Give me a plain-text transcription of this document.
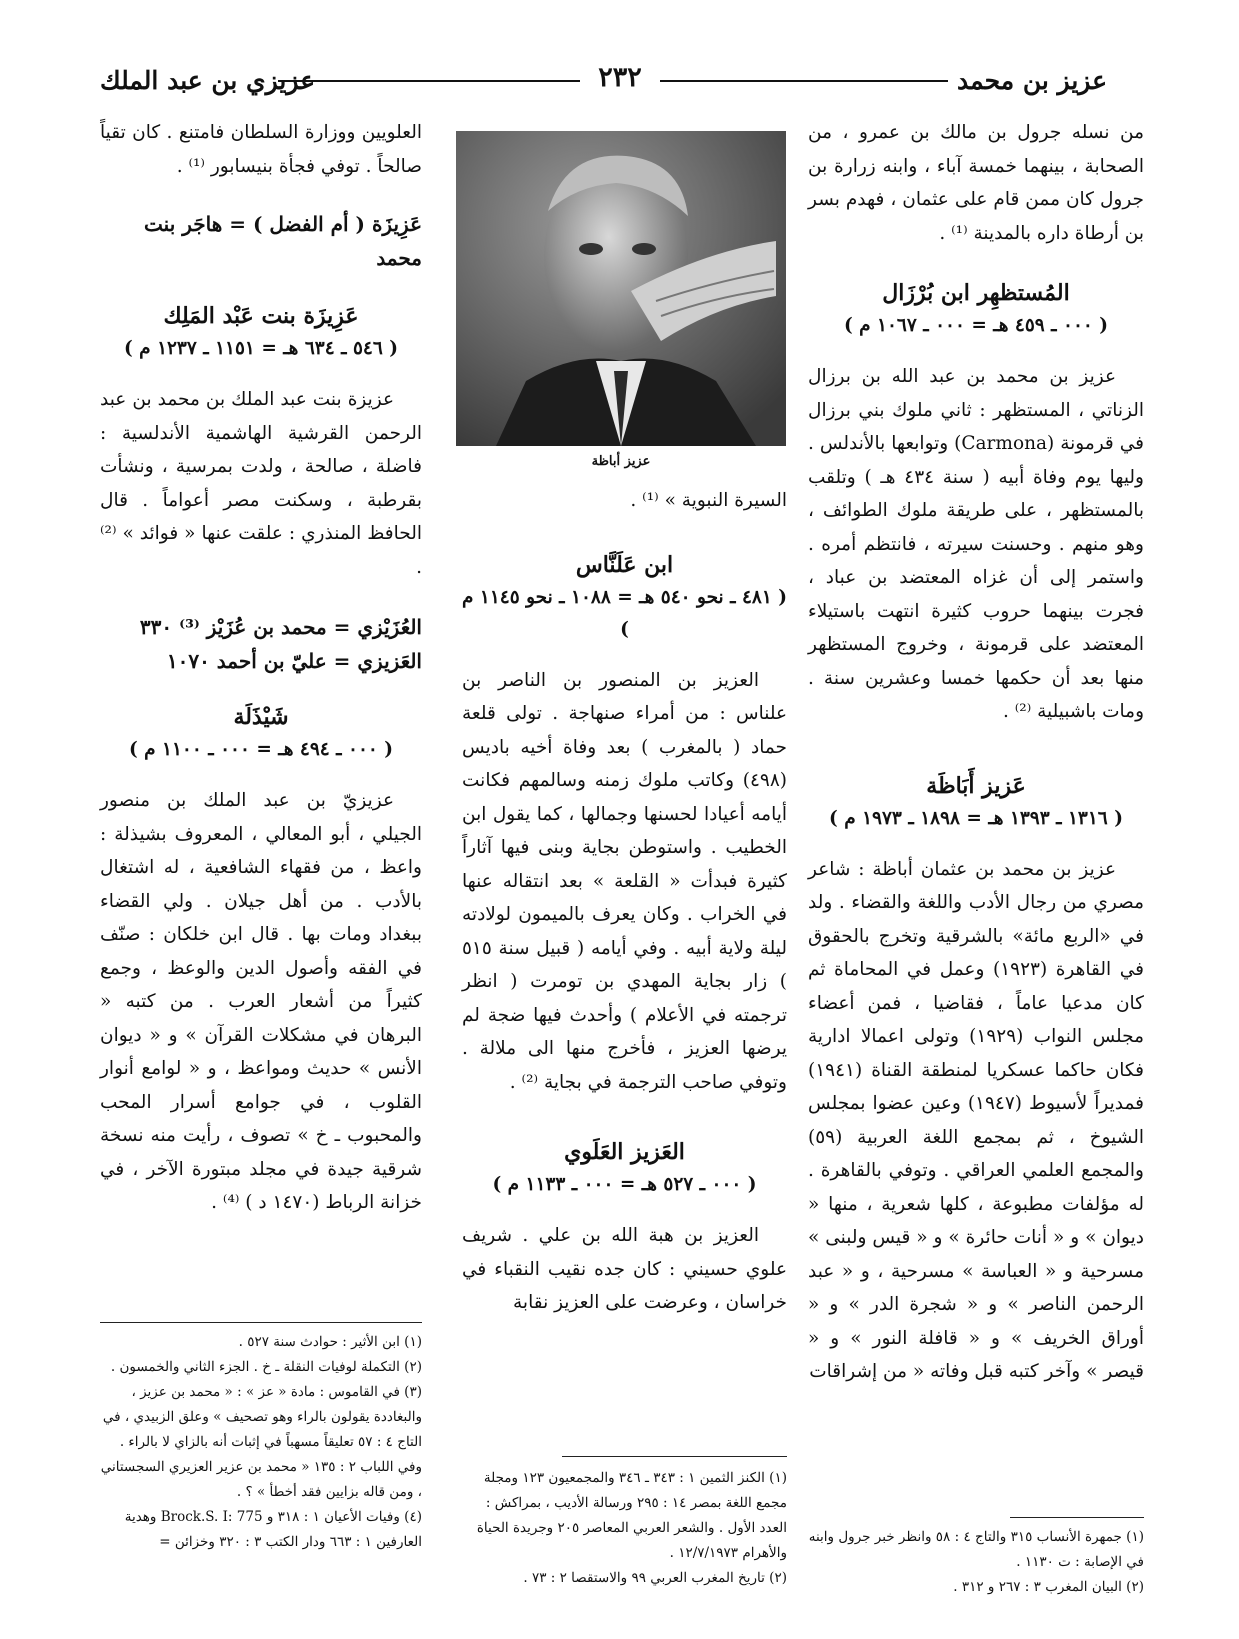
عزيز بن محمد
٢٣٢
عزيزي بن عبد الملك

من نسله جرول بن مالك بن عمرو ، من الصحابة ، بينهما خمسة آباء ، وابنه زرارة بن جرول كان ممن قام على عثمان ، فهدم بسر بن أرطاة داره بالمدينة ⁽¹⁾ .

المُستظهِر ابن بُرْزَال
( ٠٠٠ ـ ٤٥٩ هـ = ٠٠٠ ـ ١٠٦٧ م )

عزيز بن محمد بن عبد الله بن برزال الزناتي ، المستظهر : ثاني ملوك بني برزال في قرمونة (Carmona) وتوابعها بالأندلس . وليها يوم وفاة أبيه ( سنة ٤٣٤ هـ ) وتلقب بالمستظهر ، على طريقة ملوك الطوائف ، وهو منهم . وحسنت سيرته ، فانتظم أمره . واستمر إلى أن غزاه المعتضد بن عباد ، فجرت بينهما حروب كثيرة انتهت باستيلاء المعتضد على قرمونة ، وخروج المستظهر منها بعد أن حكمها خمسا وعشرين سنة . ومات باشبيلية ⁽²⁾ .

عَزيز أَبَاظَة
( ١٣١٦ ـ ١٣٩٣ هـ = ١٨٩٨ ـ ١٩٧٣ م )

عزيز بن محمد بن عثمان أباظة : شاعر مصري من رجال الأدب واللغة والقضاء . ولد في «الربع مائة» بالشرقية وتخرج بالحقوق في القاهرة (١٩٢٣) وعمل في المحاماة ثم كان مدعيا عاماً ، فقاضيا ، فمن أعضاء مجلس النواب (١٩٢٩) وتولى اعمالا ادارية فكان حاكما عسكريا لمنطقة القناة (١٩٤١) فمديراً لأسيوط (١٩٤٧) وعين عضوا بمجلس الشيوخ ، ثم بمجمع اللغة العربية (٥٩) والمجمع العلمي العراقي . وتوفي بالقاهرة . له مؤلفات مطبوعة ، كلها شعرية ، منها « ديوان » و « أنات حائرة » و « قيس ولبنى » مسرحية و « العباسة » مسرحية ، و « عبد الرحمن الناصر » و « شجرة الدر » و « أوراق الخريف » و « قافلة النور » و « قيصر » وآخر كتبه قبل وفاته « من إشراقات

(١) جمهرة الأنساب ٣١٥ والتاج ٤ : ٥٨ وانظر خبر جرول وابنه في الإصابة : ت ١١٣٠ .
(٢) البيان المغرب ٣ : ٢٦٧ و ٣١٢ .
عزيز أباظة

السيرة النبوية » ⁽¹⁾ .

ابن عَلَنَّاس
( ٤٨١ ـ نحو ٥٤٠ هـ = ١٠٨٨ ـ نحو ١١٤٥ م )

العزيز بن المنصور بن الناصر بن علناس : من أمراء صنهاجة . تولى قلعة حماد ( بالمغرب ) بعد وفاة أخيه باديس (٤٩٨) وكاتب ملوك زمنه وسالمهم فكانت أيامه أعيادا لحسنها وجمالها ، كما يقول ابن الخطيب . واستوطن بجاية وبنى فيها آثاراً كثيرة فبدأت « القلعة » بعد انتقاله عنها في الخراب . وكان يعرف بالميمون لولادته ليلة ولاية أبيه . وفي أيامه ( قبيل سنة ٥١٥ ) زار بجاية المهدي بن تومرت ( انظر ترجمته في الأعلام ) وأحدث فيها ضجة لم يرضها العزيز ، فأخرج منها الى ملالة . وتوفي صاحب الترجمة في بجاية ⁽²⁾ .

العَزيز العَلَوي
( ٠٠٠ ـ ٥٢٧ هـ = ٠٠٠ ـ ١١٣٣ م )

العزيز بن هبة الله بن علي . شريف علوي حسيني : كان جده نقيب النقباء في خراسان ، وعرضت على العزيز نقابة

(١) الكنز الثمين ١ : ٣٤٣ ـ ٣٤٦ والمجمعيون ١٢٣ ومجلة مجمع اللغة بمصر ١٤ : ٢٩٥ ورسالة الأديب ، بمراكش : العدد الأول . والشعر العربي المعاصر ٢٠٥ وجريدة الحياة والأهرام ١٢/٧/١٩٧٣ .
(٢) تاريخ المغرب العربي ٩٩ والاستقصا ٢ : ٧٣ .

العلويين ووزارة السلطان فامتنع . كان تقياً صالحاً . توفي فجأة بنيسابور ⁽¹⁾ .

عَزِيزَة ( أم الفضل ) = هاجَر بنت محمد
عَزِيزَة بنت عَبْد المَلِك
( ٥٤٦ ـ ٦٣٤ هـ = ١١٥١ ـ ١٢٣٧ م )

عزيزة بنت عبد الملك بن محمد بن عبد الرحمن القرشية الهاشمية الأندلسية : فاضلة ، صالحة ، ولدت بمرسية ، ونشأت بقرطبة ، وسكنت مصر أعواماً . قال الحافظ المنذري : علقت عنها « فوائد » ⁽²⁾ .

العُزَيْزي = محمد بن عُزَيْز ⁽³⁾ ٣٣٠
العَزيزي = عليّ بن أحمد ١٠٧٠
شَيْذَلَة
( ٠٠٠ ـ ٤٩٤ هـ = ٠٠٠ ـ ١١٠٠ م )

عزيزيّ بن عبد الملك بن منصور الجيلي ، أبو المعالي ، المعروف بشيذلة : واعظ ، من فقهاء الشافعية ، له اشتغال بالأدب . من أهل جيلان . ولي القضاء ببغداد ومات بها . قال ابن خلكان : صنّف في الفقه وأصول الدين والوعظ ، وجمع كثيراً من أشعار العرب . من كتبه « البرهان في مشكلات القرآن » و « ديوان الأنس » حديث ومواعظ ، و « لوامع أنوار القلوب ، في جوامع أسرار المحب والمحبوب ـ خ » تصوف ، رأيت منه نسخة شرقية جيدة في مجلد مبتورة الآخر ، في خزانة الرباط (١٤٧٠ د ) ⁽⁴⁾ .

(١) ابن الأثير : حوادث سنة ٥٢٧ .
(٢) التكملة لوفيات النقلة ـ خ . الجزء الثاني والخمسون .
(٣) في القاموس : مادة « عز » : « محمد بن عزيز ، والبغاددة يقولون بالراء وهو تصحيف » وعلق الزبيدي ، في التاج ٤ : ٥٧ تعليقاً مسهباً في إثبات أنه بالزاي لا بالراء . وفي اللباب ٢ : ١٣٥ « محمد بن عزير العزيري السجستاني ، ومن قاله بزايين فقد أخطأ » ؟ .
(٤) وفيات الأعيان ١ : ٣١٨ و Brock.S. I: 775 وهدية العارفين ١ : ٦٦٣ ودار الكتب ٣ : ٣٢٠ وخزائن =
